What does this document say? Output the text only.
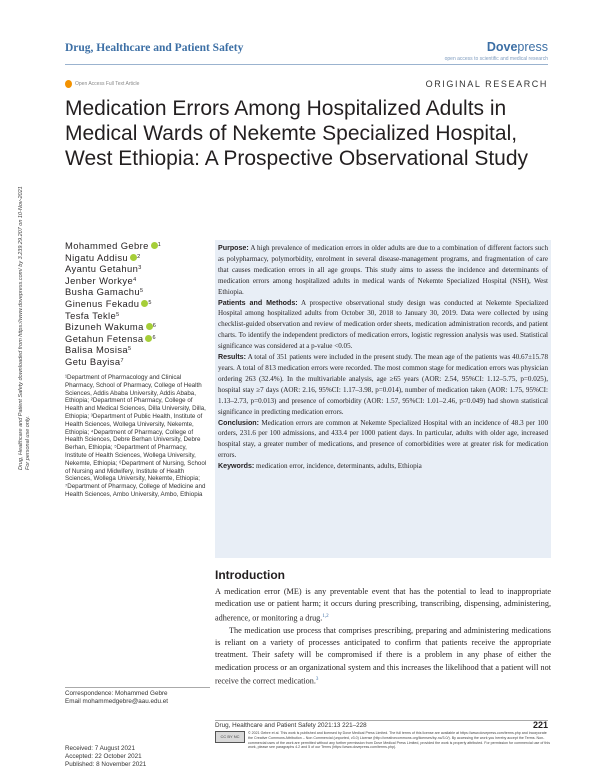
Drug, Healthcare and Patient Safety	Dovepress
open access to scientific and medical research
Open Access Full Text Article	ORIGINAL RESEARCH
Medication Errors Among Hospitalized Adults in Medical Wards of Nekemte Specialized Hospital, West Ethiopia: A Prospective Observational Study
Drug, Healthcare and Patient Safety downloaded from https://www.dovepress.com/ by 3.239.29.207 on 10-Nov-2021 For personal use only.
Mohammed Gebre 1
Nigatu Addisu 2
Ayantu Getahun 3
Jenber Workye 4
Busha Gamachu 5
Ginenus Fekadu 5
Tesfa Tekle 5
Bizuneh Wakuma 6
Getahun Fetensa 6
Balisa Mosisa 5
Getu Bayisa 7
¹Department of Pharmacology and Clinical Pharmacy, School of Pharmacy, College of Health Sciences, Addis Ababa University, Addis Ababa, Ethiopia; ²Department of Pharmacy, College of Health and Medical Sciences, Dilla University, Dilla, Ethiopia; ³Department of Public Health, Institute of Health Sciences, Wollega University, Nekemte, Ethiopia; ⁴Department of Pharmacy, College of Health Sciences, Debre Berhan University, Debre Berhan, Ethiopia; ⁵Department of Pharmacy, Institute of Health Sciences, Wollega University, Nekemte, Ethiopia; ⁶Department of Nursing, School of Nursing and Midwifery, Institute of Health Sciences, Wollega University, Nekemte, Ethiopia; ⁷Department of Pharmacy, College of Medicine and Health Sciences, Ambo University, Ambo, Ethiopia
Correspondence: Mohammed Gebre
Email mohammedgebre@aau.edu.et
Received: 7 August 2021
Accepted: 22 October 2021
Published: 8 November 2021
Purpose: A high prevalence of medication errors in older adults are due to a combination of different factors such as polypharmacy, polymorbidity, enrolment in several disease-management programs, and fragmentation of care that causes medication errors in all age groups. This study aims to assess the incidence and determinants of medication errors among hospitalized adults in medical wards of Nekemte Specialized Hospital (NSH), West Ethiopia.
Patients and Methods: A prospective observational study design was conducted at Nekemte Specialized Hospital among hospitalized adults from October 30, 2018 to January 30, 2019. Data were collected by using checklist-guided observation and review of medication order sheets, medication administration records, and patient charts. To identify the independent predictors of medication errors, logistic regression analysis was used. Statistical significance was considered at a p-value <0.05.
Results: A total of 351 patients were included in the present study. The mean age of the patients was 40.67±15.78 years. A total of 813 medication errors were recorded. The most common stage for medication errors was physician ordering 263 (32.4%). In the multivariable analysis, age ≥65 years (AOR: 2.54, 95%CI: 1.12–5.75, p=0.025), hospital stay ≥7 days (AOR: 2.16, 95%CI: 1.17–3.98, p=0.014), number of medication taken (AOR: 1.75, 95%CI: 1.13–2.73, p=0.013) and presence of comorbidity (AOR: 1.57, 95%CI: 1.01–2.46, p=0.049) had shown statistical significance in predicting medication errors.
Conclusion: Medication errors are common at Nekemte Specialized Hospital with an incidence of 48.3 per 100 orders, 231.6 per 100 admissions, and 433.4 per 1000 patient days. In particular, adults with older age, increased hospital stay, a greater number of medications, and presence of comorbidities were at greater risk for medication errors.
Keywords: medication error, incidence, determinants, adults, Ethiopia
Introduction

A medication error (ME) is any preventable event that has the potential to lead to inappropriate medication use or patient harm; it occurs during prescribing, transcribing, dispensing, administering, adherence, or monitoring a drug.$^{1,2}$

The medication use process that comprises prescribing, preparing and administering medications is reliant on a variety of processes anticipated to confirm that patients receive the appropriate treatment. Their safety will be compromised if there is a problem in any phase of either the medication process or an organizational system and this increases the likelihood that a patient will not receive the correct medication.$^3$

Drug, Healthcare and Patient Safety 2021:13 221–228	221
CC BY NC
© 2021 Gebre et al. This work is published and licensed by Dove Medical Press Limited. The full terms of this license are available at https://www.dovepress.com/terms.php and incorporate the Creative Commons Attribution – Non Commercial (unported, v3.0) License (http://creativecommons.org/licenses/by-nc/3.0/). By accessing the work you hereby accept the Terms. Non-commercial uses of the work are permitted without any further permission from Dove Medical Press Limited, provided the work is properly attributed. For permission for commercial use of this work, please see paragraphs 4.2 and 5 of our Terms (https://www.dovepress.com/terms.php).
